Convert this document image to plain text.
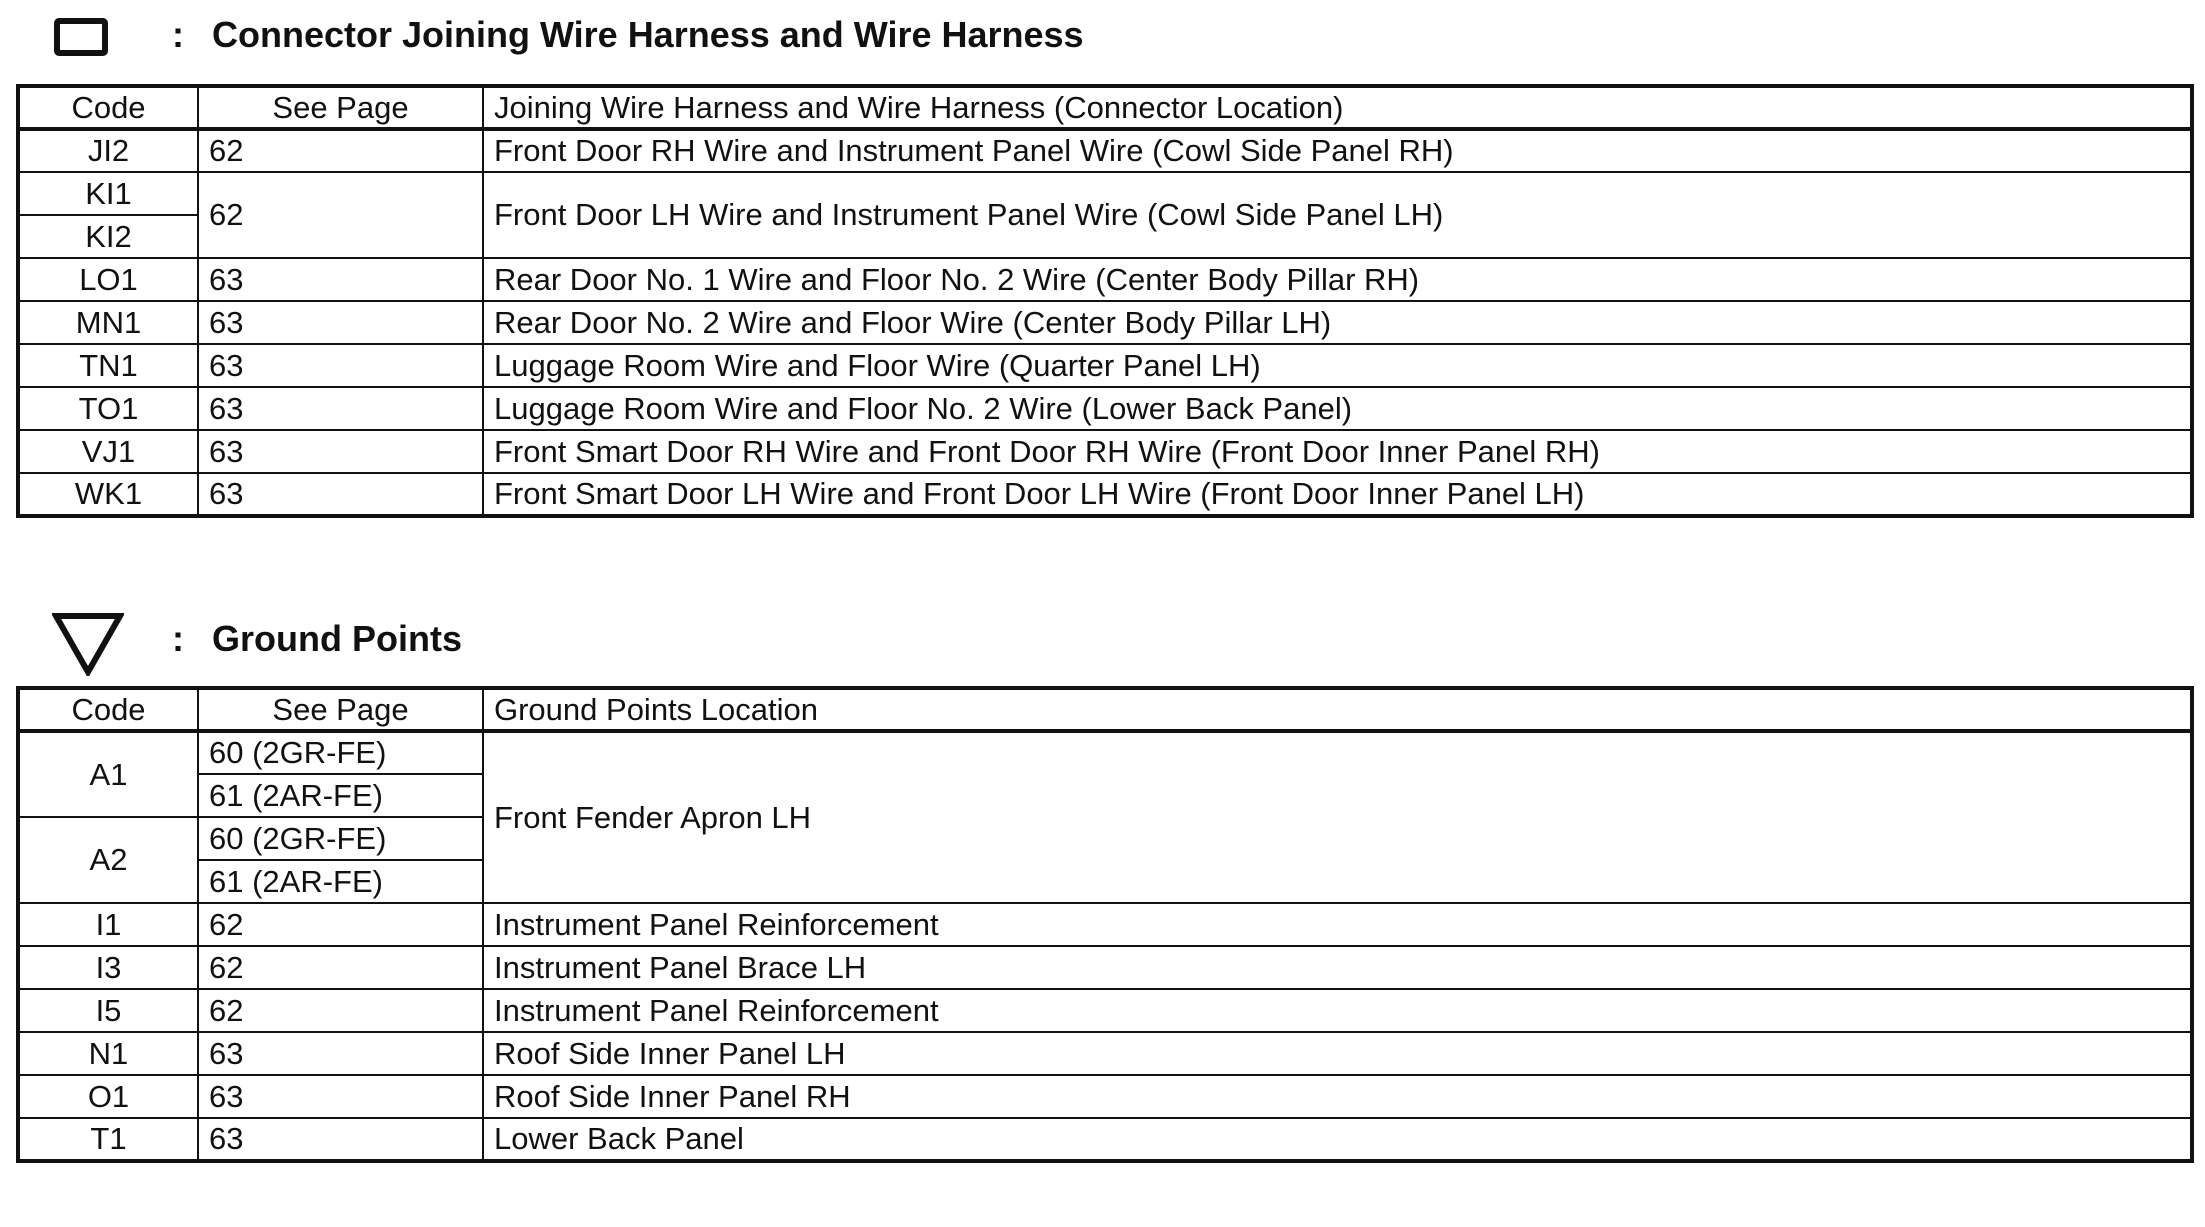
: Connector Joining Wire Harness and Wire Harness
Code	See Page	Joining Wire Harness and Wire Harness (Connector Location)
JI2	62	Front Door RH Wire and Instrument Panel Wire (Cowl Side Panel RH)
KI1	62	Front Door LH Wire and Instrument Panel Wire (Cowl Side Panel LH)
KI2		
LO1	63	Rear Door No. 1 Wire and Floor No. 2 Wire (Center Body Pillar RH)
MN1	63	Rear Door No. 2 Wire and Floor Wire (Center Body Pillar LH)
TN1	63	Luggage Room Wire and Floor Wire (Quarter Panel LH)
TO1	63	Luggage Room Wire and Floor No. 2 Wire (Lower Back Panel)
VJ1	63	Front Smart Door RH Wire and Front Door RH Wire (Front Door Inner Panel RH)
WK1	63	Front Smart Door LH Wire and Front Door LH Wire (Front Door Inner Panel LH)
: Ground Points
Code	See Page	Ground Points Location
A1	60 (2GR-FE)	Front Fender Apron LH
	61 (2AR-FE)	
A2	60 (2GR-FE)	
	61 (2AR-FE)	
I1	62	Instrument Panel Reinforcement
I3	62	Instrument Panel Brace LH
I5	62	Instrument Panel Reinforcement
N1	63	Roof Side Inner Panel LH
O1	63	Roof Side Inner Panel RH
T1	63	Lower Back Panel
